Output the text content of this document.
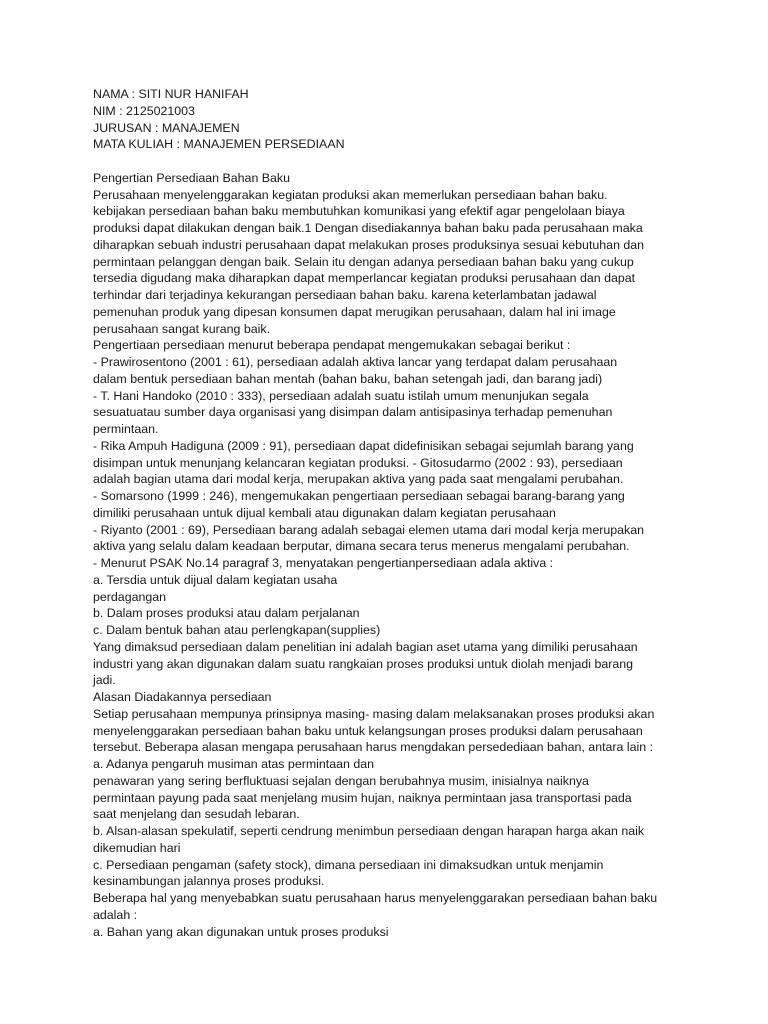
NAMA : SITI NUR HANIFAH
NIM : 2125021003
JURUSAN : MANAJEMEN
MATA KULIAH : MANAJEMEN PERSEDIAAN
Pengertian Persediaan Bahan Baku
Perusahaan menyelenggarakan kegiatan produksi akan memerlukan persediaan bahan baku.
kebijakan persediaan bahan baku membutuhkan komunikasi yang efektif agar pengelolaan biaya
produksi dapat dilakukan dengan baik.1 Dengan disediakannya bahan baku pada perusahaan maka
diharapkan sebuah industri perusahaan dapat melakukan proses produksinya sesuai kebutuhan dan
permintaan pelanggan dengan baik. Selain itu dengan adanya persediaan bahan baku yang cukup
tersedia digudang maka diharapkan dapat memperlancar kegiatan produksi perusahaan dan dapat
terhindar dari terjadinya kekurangan persediaan bahan baku. karena keterlambatan jadawal
pemenuhan produk yang dipesan konsumen dapat merugikan perusahaan, dalam hal ini image
perusahaan sangat kurang baik.
Pengertiaan persediaan menurut beberapa pendapat mengemukakan sebagai berikut :
- Prawirosentono (2001 : 61), persediaan adalah aktiva lancar yang terdapat dalam perusahaan
dalam bentuk persediaan bahan mentah (bahan baku, bahan setengah jadi, dan barang jadi)
- T. Hani Handoko (2010 : 333), persediaan adalah suatu istilah umum menunjukan segala
sesuatuatau sumber daya organisasi yang disimpan dalam antisipasinya terhadap pemenuhan
permintaan.
- Rika Ampuh Hadiguna (2009 : 91), persediaan dapat didefinisikan sebagai sejumlah barang yang
disimpan untuk menunjang kelancaran kegiatan produksi. - Gitosudarmo (2002 : 93), persediaan
adalah bagian utama dari modal kerja, merupakan aktiva yang pada saat mengalami perubahan.
- Somarsono (1999 : 246), mengemukakan pengertiaan persediaan sebagai barang-barang yang
dimiliki perusahaan untuk dijual kembali atau digunakan dalam kegiatan perusahaan
- Riyanto (2001 : 69), Persediaan barang adalah sebagai elemen utama dari modal kerja merupakan
aktiva yang selalu dalam keadaan berputar, dimana secara terus menerus mengalami perubahan.
- Menurut PSAK No.14 paragraf 3, menyatakan pengertianpersediaan adala aktiva :
a. Tersdia untuk dijual dalam kegiatan usaha
perdagangan
b. Dalam proses produksi atau dalam perjalanan
c. Dalam bentuk bahan atau perlengkapan(supplies)
Yang dimaksud persediaan dalam penelitian ini adalah bagian aset utama yang dimiliki perusahaan
industri yang akan digunakan dalam suatu rangkaian proses produksi untuk diolah menjadi barang
jadi.
Alasan Diadakannya persediaan
Setiap perusahaan mempunya prinsipnya masing- masing dalam melaksanakan proses produksi akan
menyelenggarakan persediaan bahan baku untuk kelangsungan proses produksi dalam perusahaan
tersebut. Beberapa alasan mengapa perusahaan harus mengdakan persedediaan bahan, antara lain :
a. Adanya pengaruh musiman atas permintaan dan
penawaran yang sering berfluktuasi sejalan dengan berubahnya musim, inisialnya naiknya
permintaan payung pada saat menjelang musim hujan, naiknya permintaan jasa transportasi pada
saat menjelang dan sesudah lebaran.
b. Alsan-alasan spekulatif, seperti cendrung menimbun persediaan dengan harapan harga akan naik
dikemudian hari
c. Persediaan pengaman (safety stock), dimana persediaan ini dimaksudkan untuk menjamin
kesinambungan jalannya proses produksi.
Beberapa hal yang menyebabkan suatu perusahaan harus menyelenggarakan persediaan bahan baku
adalah :
a. Bahan yang akan digunakan untuk proses produksi
